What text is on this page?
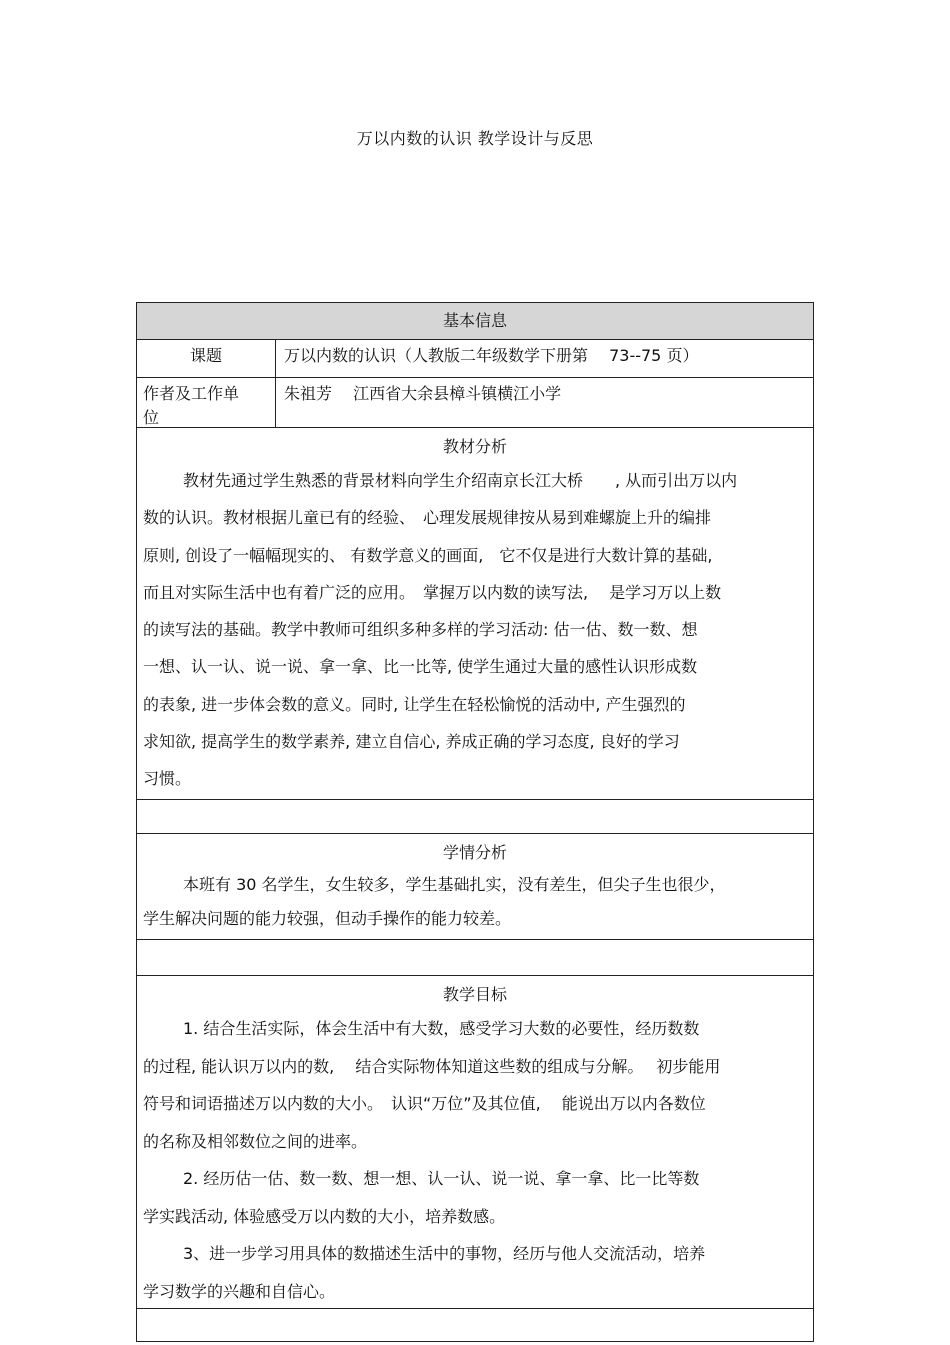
万以内数的认识 教学设计与反思
基本信息
课题	万以内数的认识（人教版二年级数学下册第　 73--75 页）
作者及工作单
位
朱祖芳　 江西省大余县樟斗镇横江小学
教材分析
教材先通过学生熟悉的背景材料向学生介绍南京长江大桥　　, 从而引出万以内
数的认识。教材根据儿童已有的经验、　心理发展规律按从易到难螺旋上升的编排
原则, 创设了一幅幅现实的、 有数学意义的画面,　它不仅是进行大数计算的基础,
而且对实际生活中也有着广泛的应用。　掌握万以内数的读写法,　 是学习万以上数
的读写法的基础。教学中教师可组织多种多样的学习活动: 估一估、数一数、想
一想、认一认、说一说、拿一拿、比一比等, 使学生通过大量的感性认识形成数
的表象, 进一步体会数的意义。同时, 让学生在轻松愉悦的活动中, 产生强烈的
求知欲, 提高学生的数学素养, 建立自信心, 养成正确的学习态度, 良好的学习
习惯。
学情分析
本班有 30 名学生，女生较多，学生基础扎实，没有差生，但尖子生也很少，
学生解决问题的能力较强，但动手操作的能力较差。
教学目标
1. 结合生活实际，体会生活中有大数，感受学习大数的必要性，经历数数
的过程, 能认识万以内的数,　 结合实际物体知道这些数的组成与分解。　 初步能用
符号和词语描述万以内数的大小。　认识“万位”及其位值,　 能说出万以内各数位
的名称及相邻数位之间的进率。
2. 经历估一估、数一数、想一想、认一认、说一说、拿一拿、比一比等数
学实践活动, 体验感受万以内数的大小，培养数感。
3、进一步学习用具体的数描述生活中的事物，经历与他人交流活动，培养
学习数学的兴趣和自信心。
